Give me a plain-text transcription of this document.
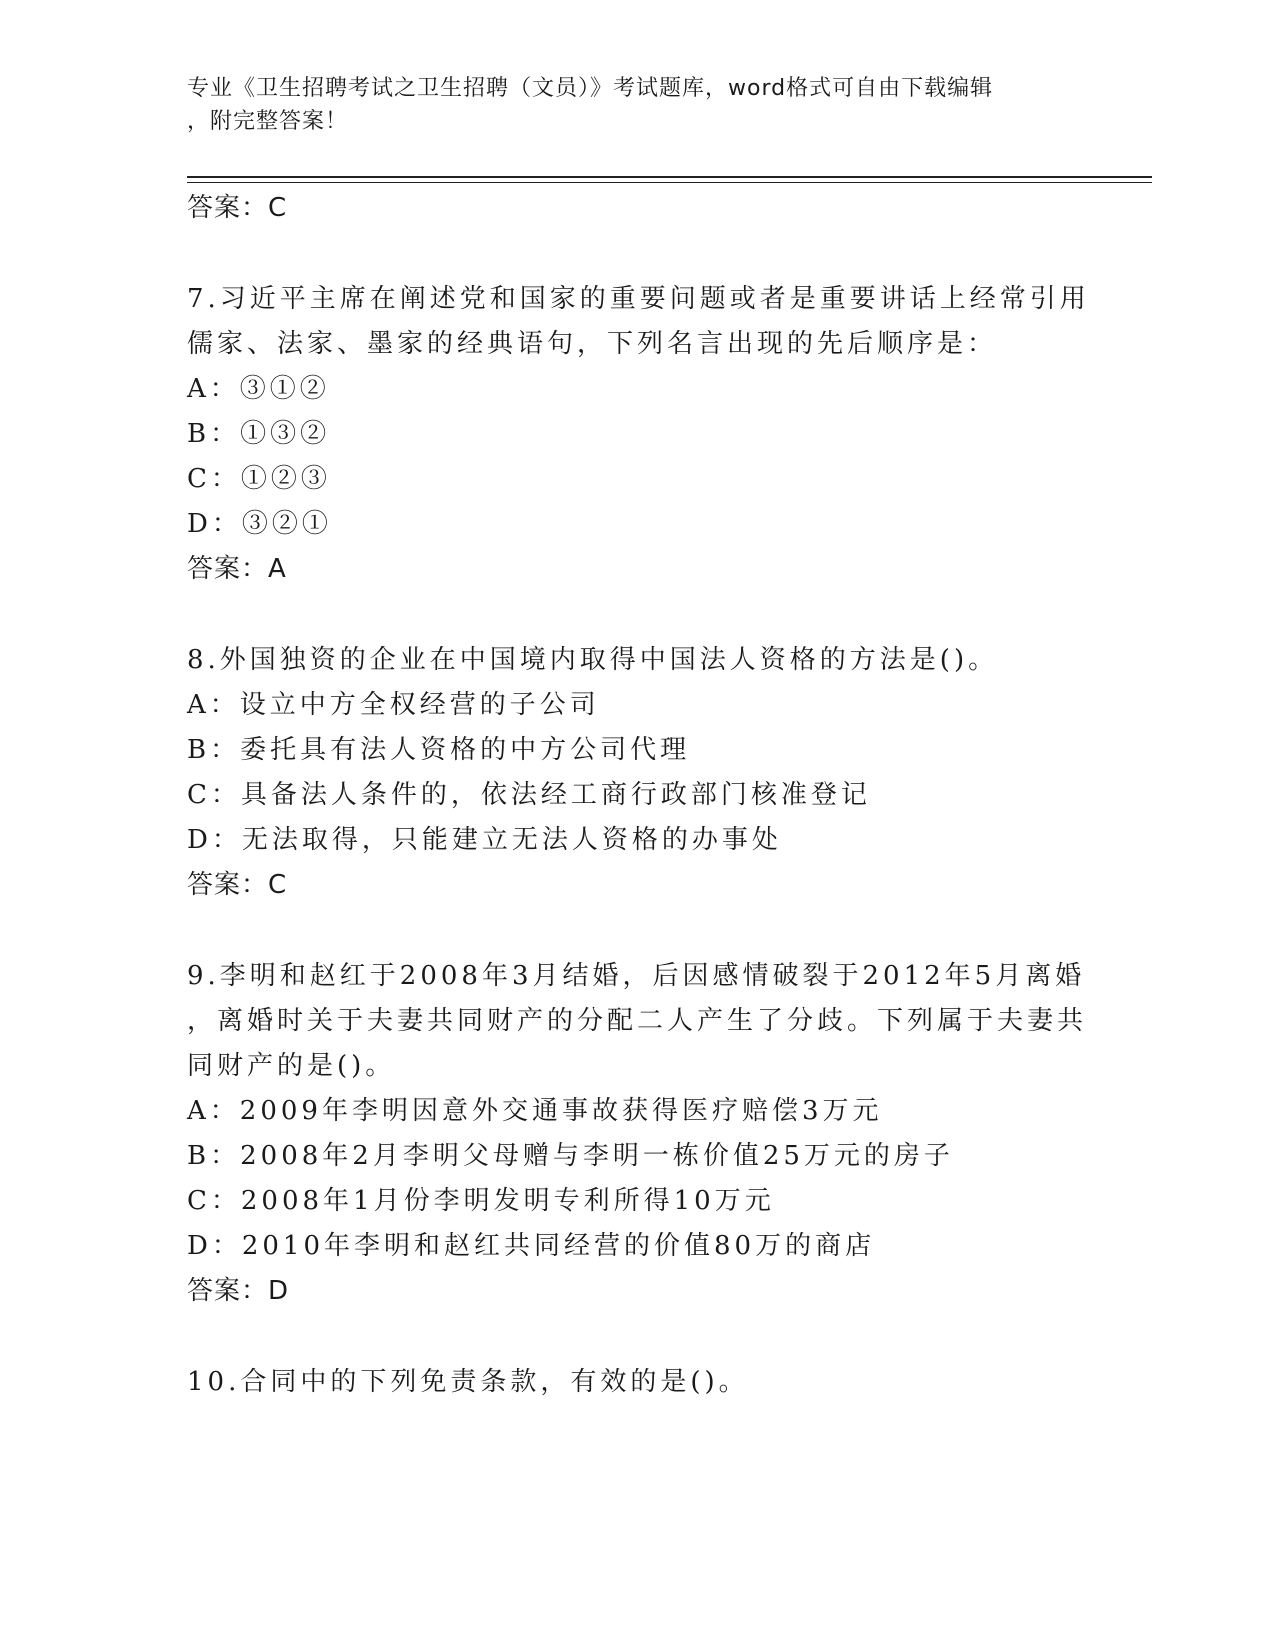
专业《卫生招聘考试之卫生招聘（文员）》考试题库，word格式可自由下载编辑
，附完整答案！
答案：C
7.习近平主席在阐述党和国家的重要问题或者是重要讲话上经常引用
儒家、法家、墨家的经典语句，下列名言出现的先后顺序是：
A：③①②
B：①③②
C：①②③
D：③②①
答案：A
8.外国独资的企业在中国境内取得中国法人资格的方法是()。
A：设立中方全权经营的子公司
B：委托具有法人资格的中方公司代理
C：具备法人条件的，依法经工商行政部门核准登记
D：无法取得，只能建立无法人资格的办事处
答案：C
9.李明和赵红于2008年3月结婚，后因感情破裂于2012年5月离婚
，离婚时关于夫妻共同财产的分配二人产生了分歧。下列属于夫妻共
同财产的是()。
A：2009年李明因意外交通事故获得医疗赔偿3万元
B：2008年2月李明父母赠与李明一栋价值25万元的房子
C：2008年1月份李明发明专利所得10万元
D：2010年李明和赵红共同经营的价值80万的商店
答案：D
10.合同中的下列免责条款，有效的是()。
